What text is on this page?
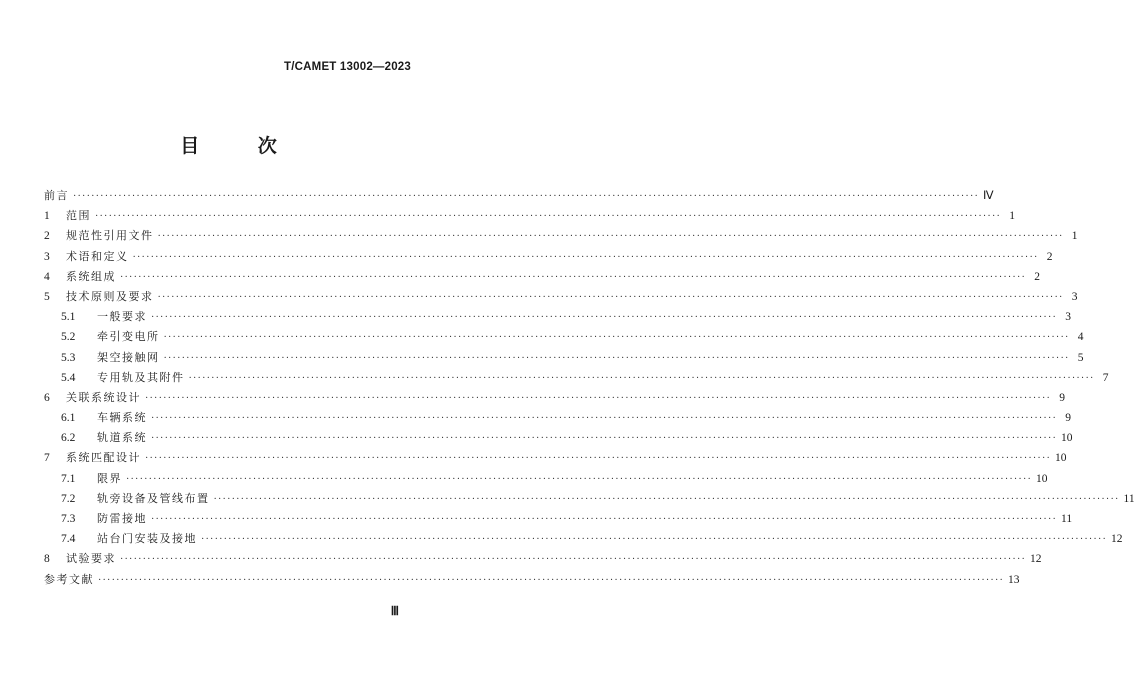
T/CAMET 13002—2023
目 次
前言 ········································································································································································································ Ⅳ
1	范围 ········································································································································································································ 1
2	规范性引用文件 ········································································································································································································ 1
3	术语和定义 ········································································································································································································ 2
4	系统组成 ········································································································································································································ 2
5	技术原则及要求 ········································································································································································································ 3
5.1	一般要求 ········································································································································································································ 3
5.2	牵引变电所 ········································································································································································································ 4
5.3	架空接触网 ········································································································································································································ 5
5.4	专用轨及其附件 ········································································································································································································ 7
6	关联系统设计 ········································································································································································································ 9
6.1	车辆系统 ········································································································································································································ 9
6.2	轨道系统 ········································································································································································································ 10
7	系统匹配设计 ········································································································································································································ 10
7.1	限界 ········································································································································································································ 10
7.2	轨旁设备及管线布置 ········································································································································································································ 11
7.3	防雷接地 ········································································································································································································ 11
7.4	站台门安装及接地 ········································································································································································································ 12
8	试验要求 ········································································································································································································ 12
参考文献 ········································································································································································································ 13
Ⅲ
